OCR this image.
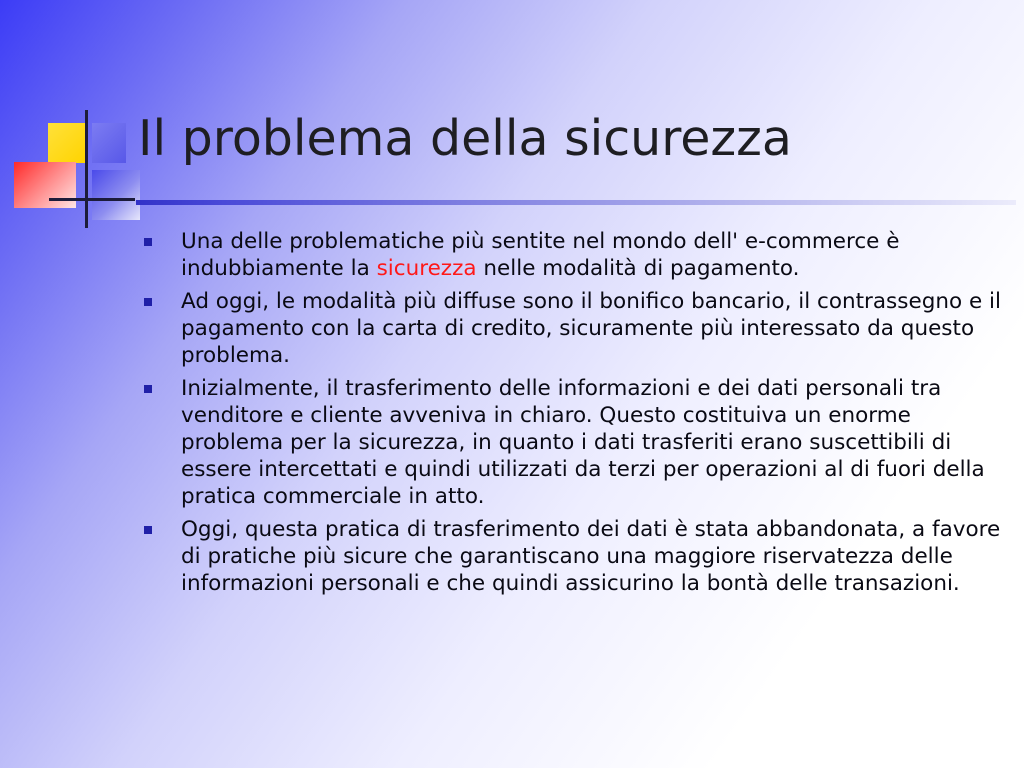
Il problema della sicurezza
Una delle problematiche più sentite nel mondo dell' e-commerce è indubbiamente la sicurezza nelle modalità di pagamento.
Ad oggi, le modalità più diffuse sono il bonifico bancario, il contrassegno e il pagamento con la carta di credito, sicuramente più interessato da questo problema.
Inizialmente, il trasferimento delle informazioni e dei dati personali tra venditore e cliente avveniva in chiaro. Questo costituiva un enorme problema per la sicurezza, in quanto i dati trasferiti erano suscettibili di essere intercettati e quindi utilizzati da terzi per operazioni al di fuori della pratica commerciale in atto.
Oggi, questa pratica di trasferimento dei dati è stata abbandonata, a favore di pratiche più sicure che garantiscano una maggiore riservatezza delle informazioni personali e che quindi assicurino la bontà delle transazioni.
